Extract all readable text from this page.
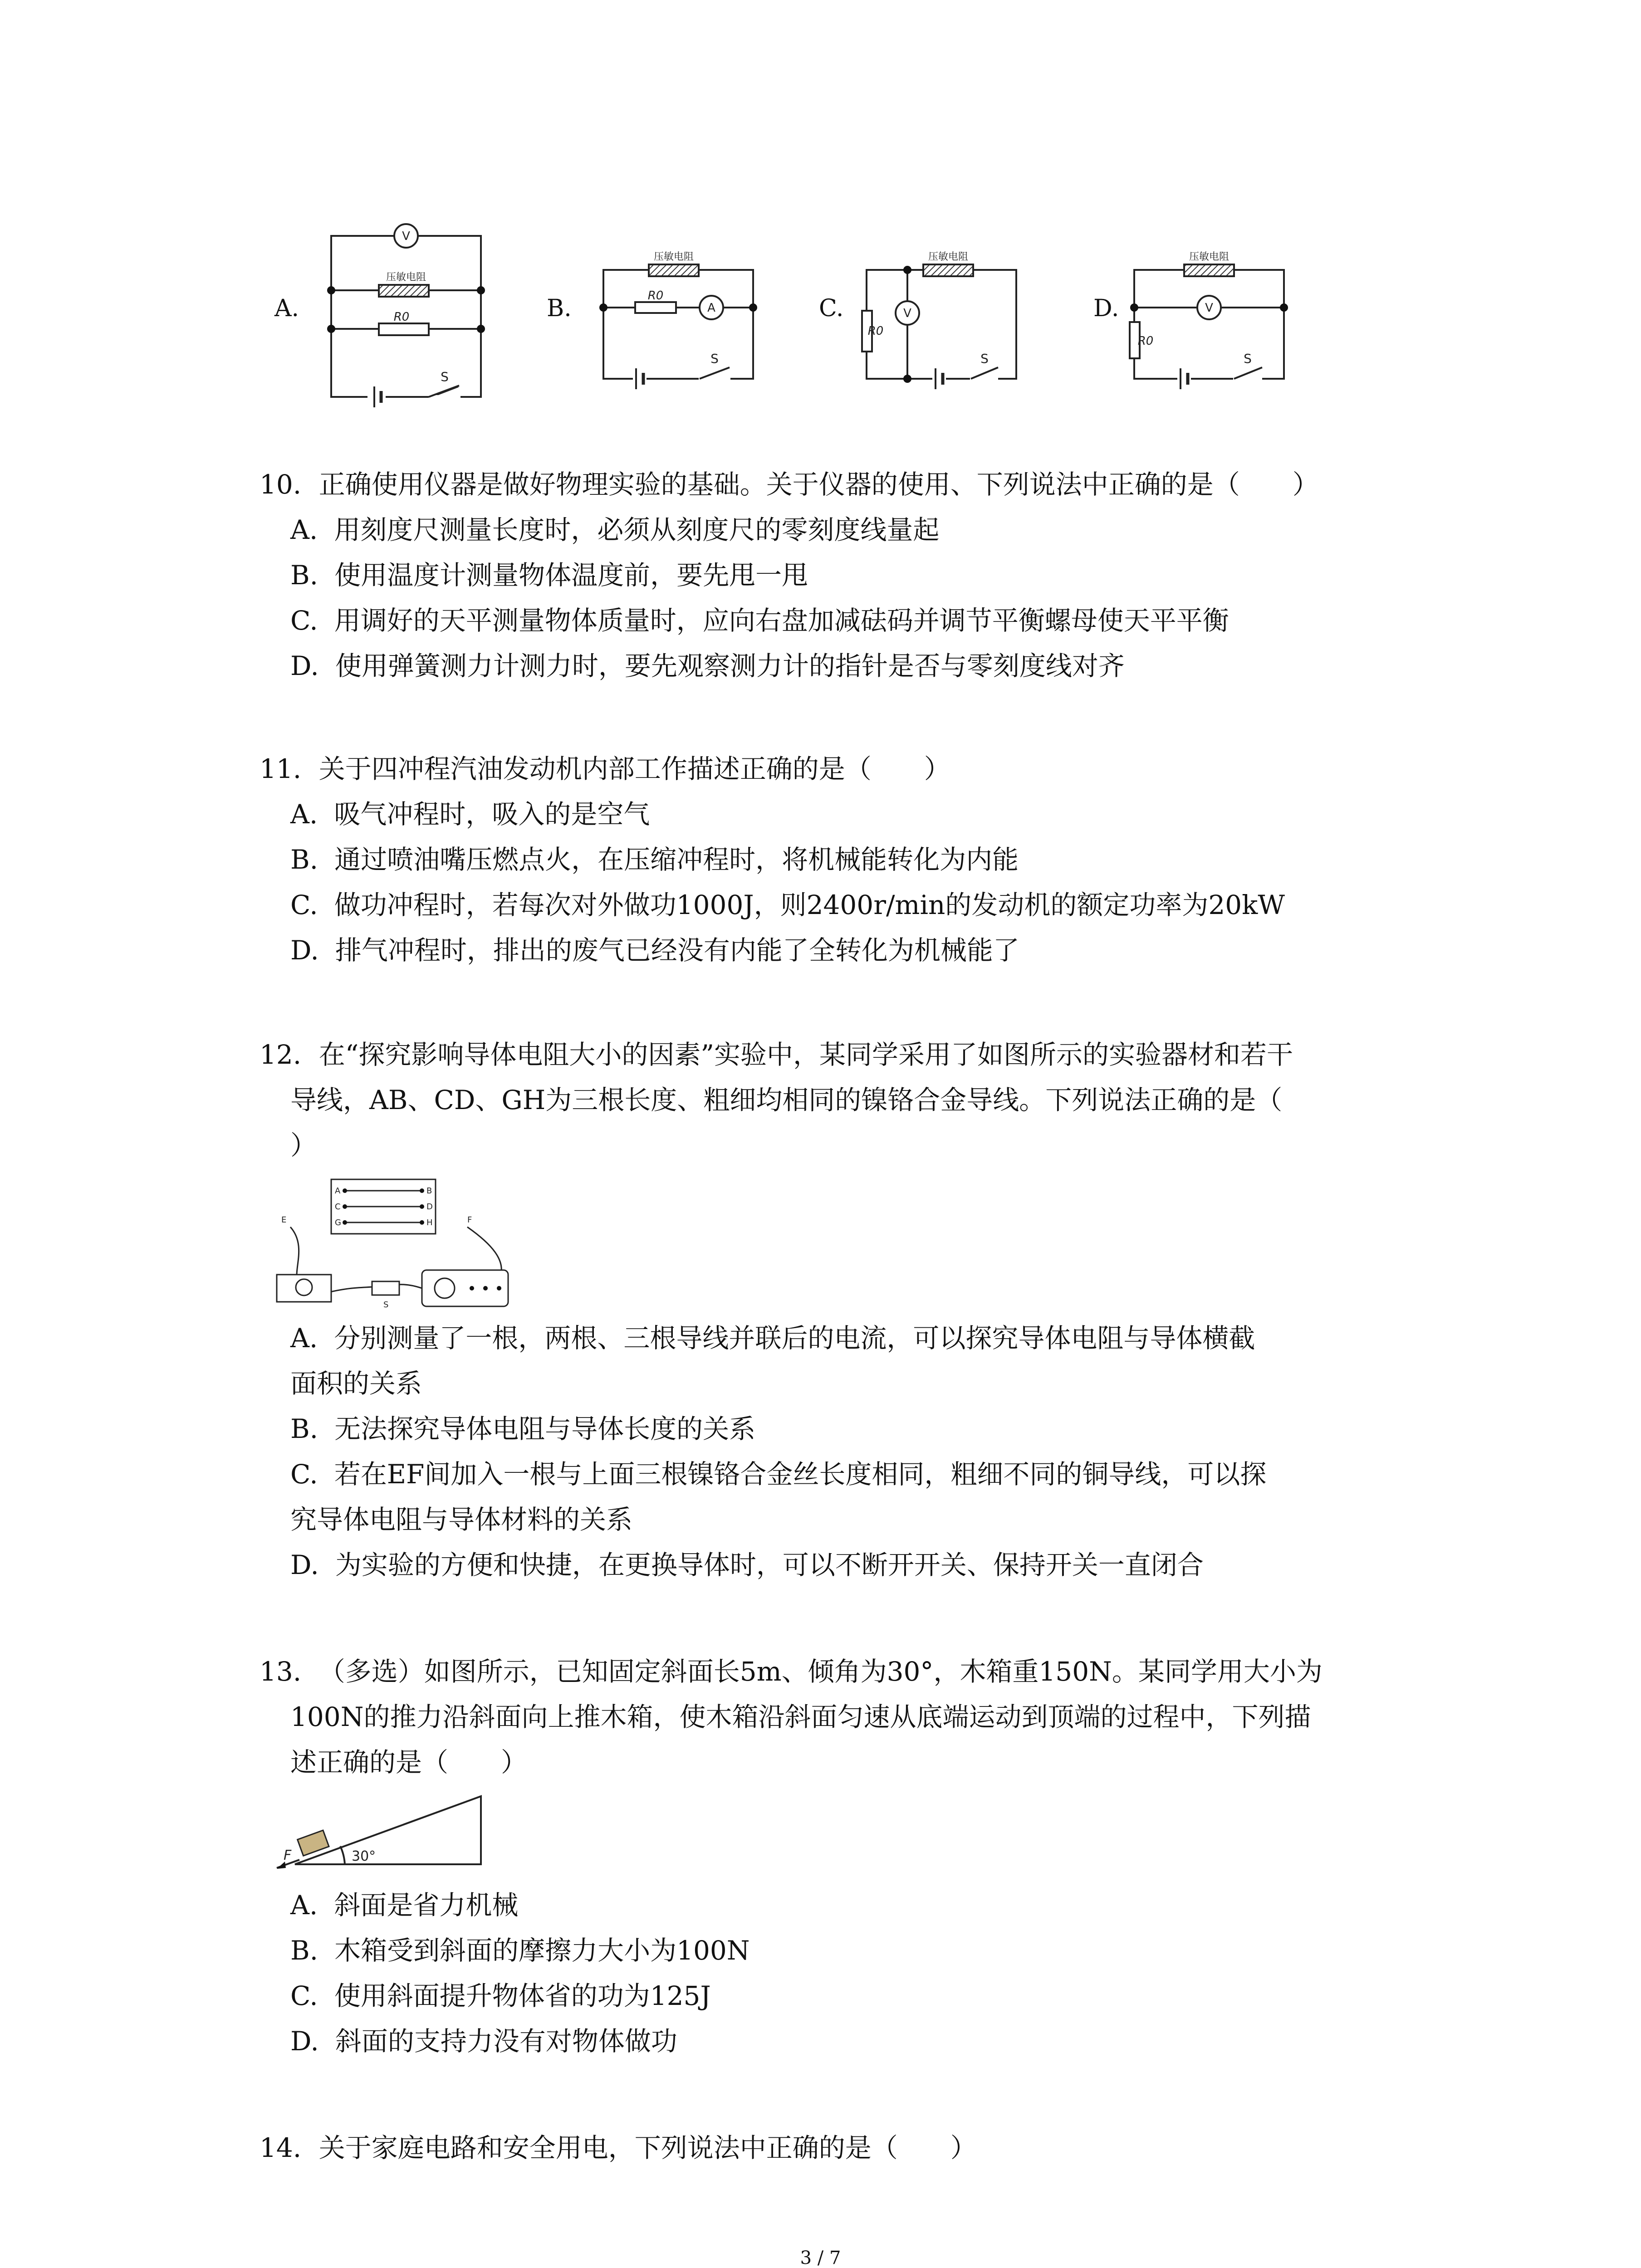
A.	B.	C.	D.
V
A	V	V
压敏电阻
压敏电阻	压敏电阻	压敏电阻
R0
R0
R0
R0
S
S	S	S
10. 正确使用仪器是做好物理实验的基础。关于仪器的使用、下列说法中正确的是（　　）
A. 用刻度尺测量长度时，必须从刻度尺的零刻度线量起
B. 使用温度计测量物体温度前，要先甩一甩
C. 用调好的天平测量物体质量时，应向右盘加减砝码并调节平衡螺母使天平平衡
D. 使用弹簧测力计测力时，要先观察测力计的指针是否与零刻度线对齐
11. 关于四冲程汽油发动机内部工作描述正确的是（　　）
A. 吸气冲程时，吸入的是空气
B. 通过喷油嘴压燃点火，在压缩冲程时，将机械能转化为内能
C. 做功冲程时，若每次对外做功1000J，则2400r/min的发动机的额定功率为20kW
D. 排气冲程时，排出的废气已经没有内能了全转化为机械能了
12. 在“探究影响导体电阻大小的因素”实验中，某同学采用了如图所示的实验器材和若干
导线，AB、CD、GH为三根长度、粗细均相同的镍铬合金导线。下列说法正确的是（
）
A	B
C	D
G	H
E	F
S
A. 分别测量了一根，两根、三根导线并联后的电流，可以探究导体电阻与导体横截
面积的关系
B. 无法探究导体电阻与导体长度的关系
C. 若在EF间加入一根与上面三根镍铬合金丝长度相同，粗细不同的铜导线，可以探
究导体电阻与导体材料的关系
D. 为实验的方便和快捷，在更换导体时，可以不断开开关、保持开关一直闭合
13. （多选）如图所示，已知固定斜面长5m、倾角为30°，木箱重150N。某同学用大小为
100N的推力沿斜面向上推木箱，使木箱沿斜面匀速从底端运动到顶端的过程中，下列描
述正确的是（　　）
F	30°
A. 斜面是省力机械
B. 木箱受到斜面的摩擦力大小为100N
C. 使用斜面提升物体省的功为125J
D. 斜面的支持力没有对物体做功
14. 关于家庭电路和安全用电，下列说法中正确的是（　　）
3 / 7
